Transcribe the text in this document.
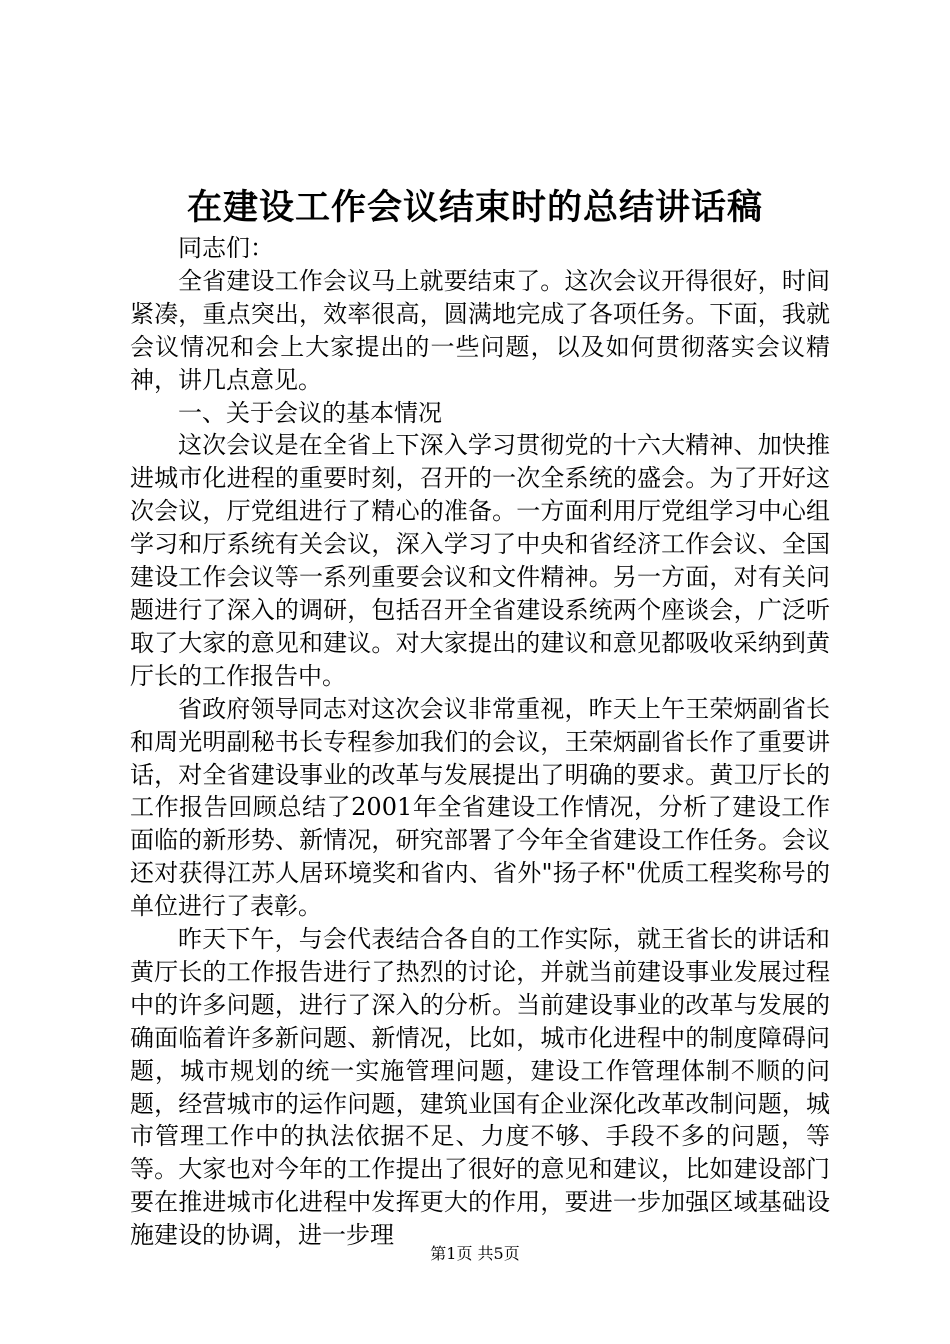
在建设工作会议结束时的总结讲话稿

同志们：

全省建设工作会议马上就要结束了。这次会议开得很好，时间紧凑，重点突出，效率很高，圆满地完成了各项任务。下面，我就会议情况和会上大家提出的一些问题，以及如何贯彻落实会议精神，讲几点意见。

一、关于会议的基本情况

这次会议是在全省上下深入学习贯彻党的十六大精神、加快推进城市化进程的重要时刻，召开的一次全系统的盛会。为了开好这次会议，厅党组进行了精心的准备。一方面利用厅党组学习中心组学习和厅系统有关会议，深入学习了中央和省经济工作会议、全国建设工作会议等一系列重要会议和文件精神。另一方面，对有关问题进行了深入的调研，包括召开全省建设系统两个座谈会，广泛听取了大家的意见和建议。对大家提出的建议和意见都吸收采纳到黄厅长的工作报告中。

省政府领导同志对这次会议非常重视，昨天上午王荣炳副省长和周光明副秘书长专程参加我们的会议，王荣炳副省长作了重要讲话，对全省建设事业的改革与发展提出了明确的要求。黄卫厅长的工作报告回顾总结了2001年全省建设工作情况，分析了建设工作面临的新形势、新情况，研究部署了今年全省建设工作任务。会议还对获得江苏人居环境奖和省内、省外"扬子杯"优质工程奖称号的单位进行了表彰。

昨天下午，与会代表结合各自的工作实际，就王省长的讲话和黄厅长的工作报告进行了热烈的讨论，并就当前建设事业发展过程中的许多问题，进行了深入的分析。当前建设事业的改革与发展的确面临着许多新问题、新情况，比如，城市化进程中的制度障碍问题，城市规划的统一实施管理问题，建设工作管理体制不顺的问题，经营城市的运作问题，建筑业国有企业深化改革改制问题，城市管理工作中的执法依据不足、力度不够、手段不多的问题，等等。大家也对今年的工作提出了很好的意见和建议，比如建设部门要在推进城市化进程中发挥更大的作用，要进一步加强区域基础设施建设的协调，进一步理

第1页 共5页
